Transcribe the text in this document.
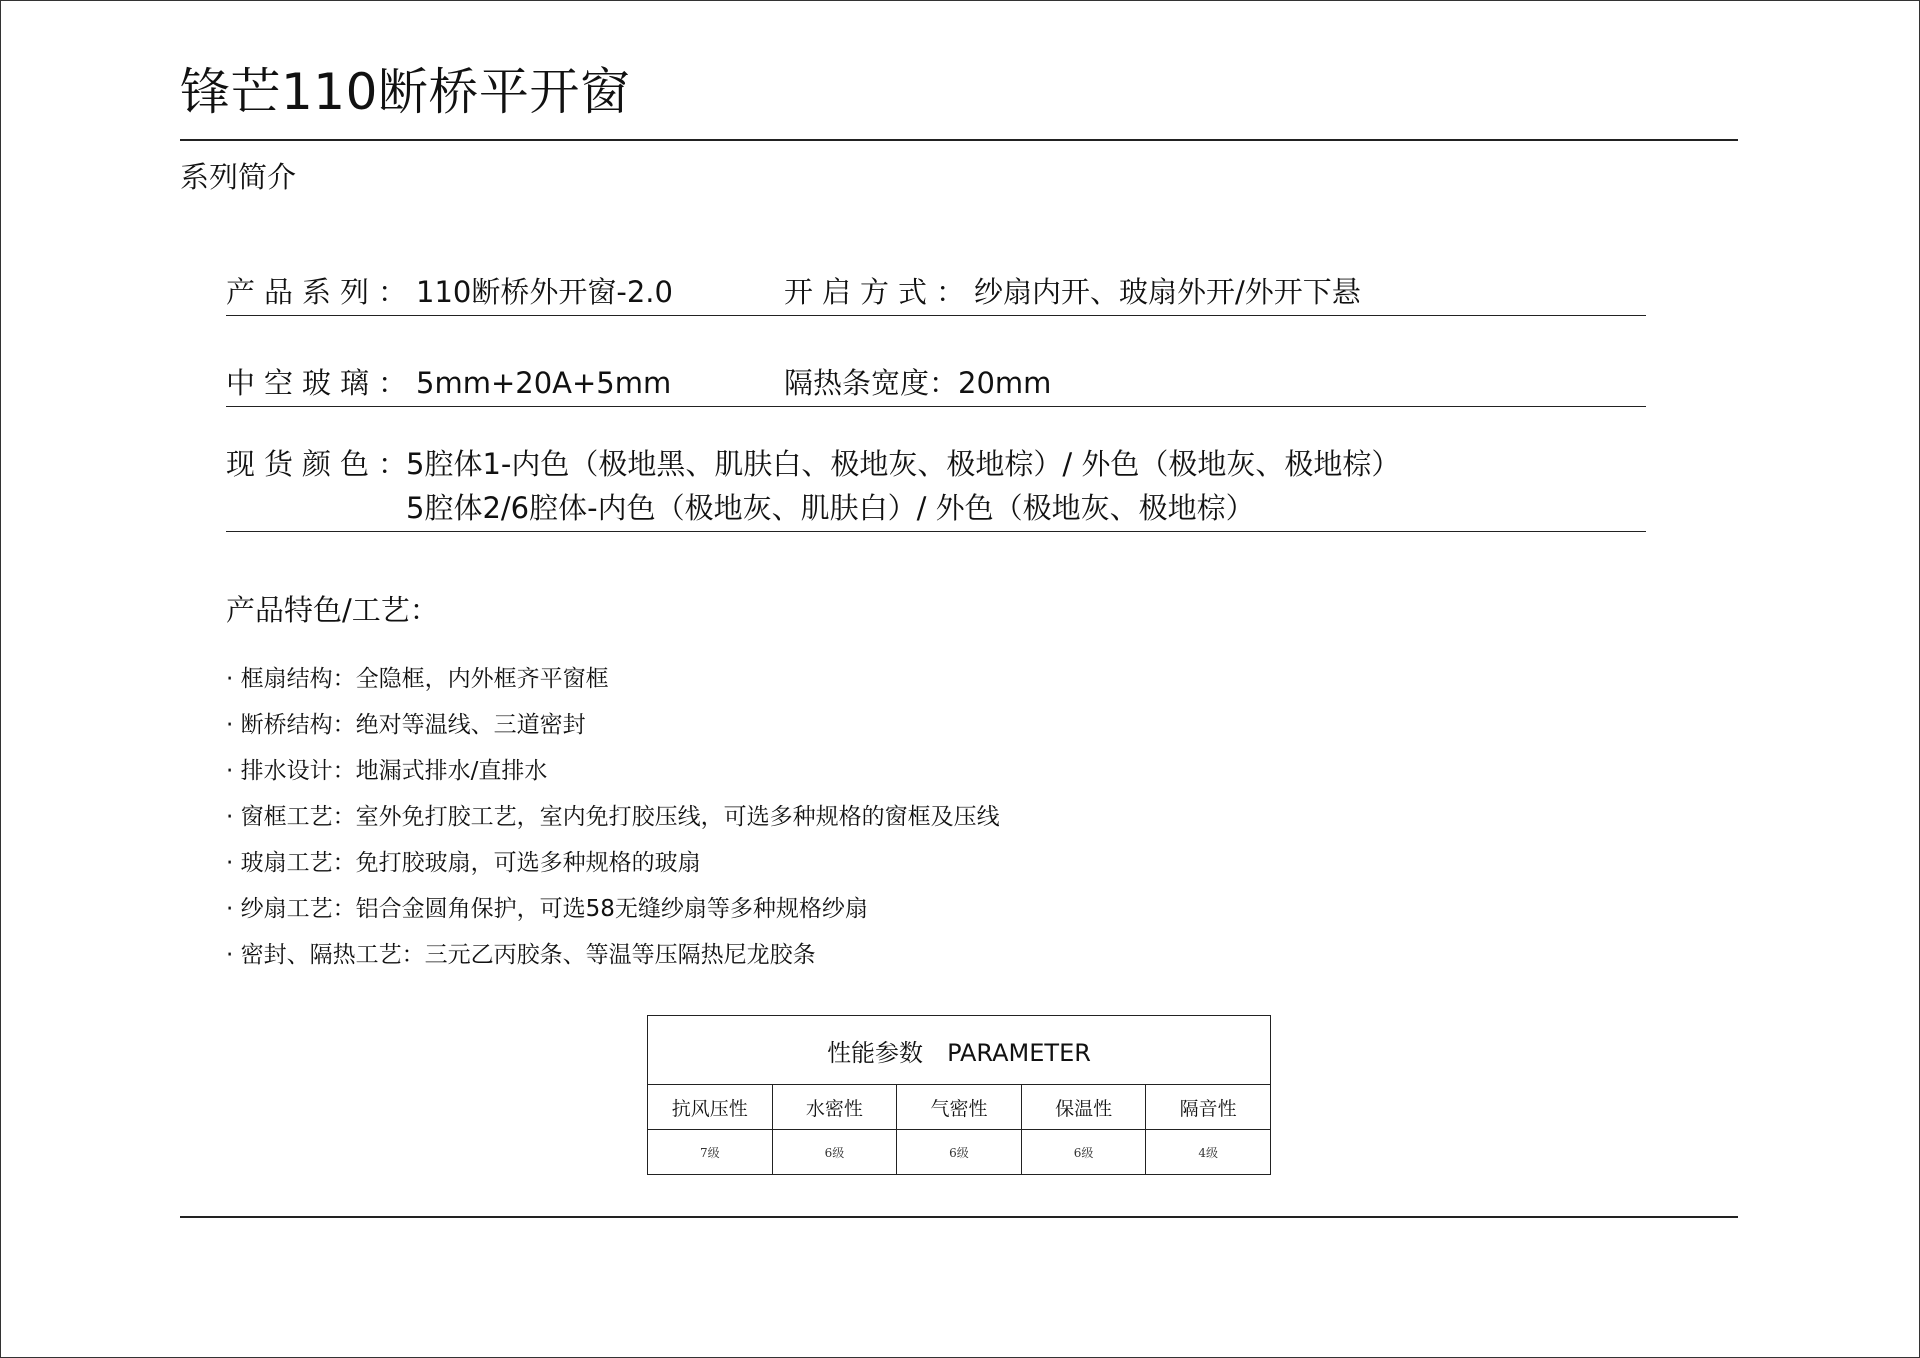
锋芒110断桥平开窗
系列简介
产品系列：110断桥外开窗-2.0	开启方式：纱扇内开、玻扇外开/外开下悬
中空玻璃：5mm+20A+5mm	隔热条宽度：20mm
现货颜色：
5腔体1-内色（极地黑、肌肤白、极地灰、极地棕）/ 外色（极地灰、极地棕）
5腔体2/6腔体-内色（极地灰、肌肤白）/ 外色（极地灰、极地棕）
产品特色/工艺：
· 框扇结构：全隐框，内外框齐平窗框
· 断桥结构：绝对等温线、三道密封
· 排水设计：地漏式排水/直排水
· 窗框工艺：室外免打胶工艺，室内免打胶压线，可选多种规格的窗框及压线
· 玻扇工艺：免打胶玻扇，可选多种规格的玻扇
· 纱扇工艺：铝合金圆角保护，可选58无缝纱扇等多种规格纱扇
· 密封、隔热工艺：三元乙丙胶条、等温等压隔热尼龙胶条
性能参数 PARAMETER				
抗风压性	水密性	气密性	保温性	隔音性
7级	6级	6级	6级	4级
